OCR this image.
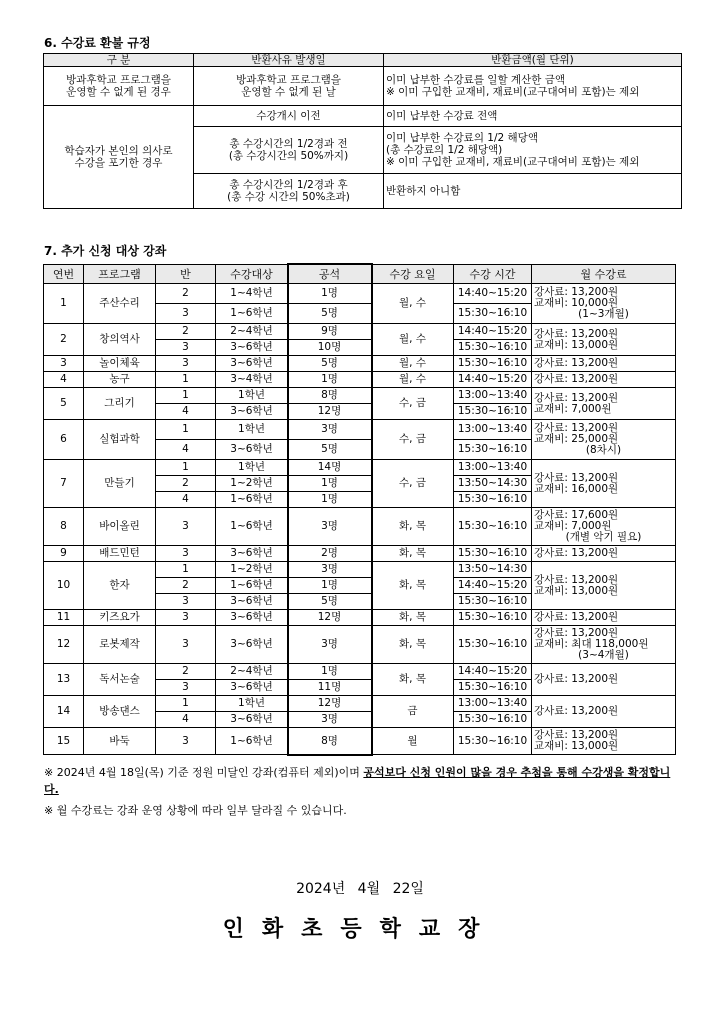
6. 수강료 환불 규정
구 분	반환사유 발생일	반환금액(월 단위)
방과후학교 프로그램을
운영할 수 없게 된 경우	방과후학교 프로그램을
운영할 수 없게 된 날	이미 납부한 수강료를 일할 계산한 금액
※ 이미 구입한 교재비, 재료비(교구대여비 포함)는 제외
학습자가 본인의 의사로
수강을 포기한 경우	수강개시 이전	이미 납부한 수강료 전액
	총 수강시간의 1/2경과 전
(총 수강시간의 50%까지)	이미 납부한 수강료의 1/2 해당액
(총 수강료의 1/2 해당액)
※ 이미 구입한 교재비, 재료비(교구대여비 포함)는 제외
	총 수강시간의 1/2경과 후
(총 수강 시간의 50%초과)	반환하지 아니함
7. 추가 신청 대상 강좌
연번	프로그램	반	수강대상	공석	수강 요일	수강 시간	월 수강료
1	주산수리	2	1~4학년	1명	월, 수	14:40~15:20	강사료: 13,200원
교재비: 10,000원
(1~3개월)

		3	1~6학년	5명		15:30~16:10	
2	창의역사	2	2~4학년	9명	월, 수	14:40~15:20	강사료: 13,200원
교재비: 13,000원

		3	3~6학년	10명		15:30~16:10	
3	놀이체육	3	3~6학년	5명	월, 수	15:30~16:10	강사료: 13,200원

4	농구	1	3~4학년	1명	월, 수	14:40~15:20	강사료: 13,200원

5	그리기	1	1학년	8명	수, 금	13:00~13:40	강사료: 13,200원
교재비: 7,000원

		4	3~6학년	12명		15:30~16:10	
6	실험과학	1	1학년	3명	수, 금	13:00~13:40	강사료: 13,200원
교재비: 25,000원
(8차시)

		4	3~6학년	5명		15:30~16:10	
7	만들기	1	1학년	14명	수, 금	13:00~13:40	강사료: 13,200원
교재비: 16,000원

		2	1~2학년	1명		13:50~14:30	
		4	1~6학년	1명		15:30~16:10	
8	바이올린	3	1~6학년	3명	화, 목	15:30~16:10	강사료: 17,600원
교재비: 7,000원
(개별 악기 필요)

9	배드민턴	3	3~6학년	2명	화, 목	15:30~16:10	강사료: 13,200원

10	한자	1	1~2학년	3명	화, 목	13:50~14:30	강사료: 13,200원
교재비: 13,000원

		2	1~6학년	1명		14:40~15:20	
		3	3~6학년	5명		15:30~16:10	
11	키즈요가	3	3~6학년	12명	화, 목	15:30~16:10	강사료: 13,200원

12	로봇제작	3	3~6학년	3명	화, 목	15:30~16:10	강사료: 13,200원
교재비: 최대 118,000원
(3~4개월)

13	독서논술	2	2~4학년	1명	화, 목	14:40~15:20	강사료: 13,200원

		3	3~6학년	11명		15:30~16:10	
14	방송댄스	1	1학년	12명	금	13:00~13:40	강사료: 13,200원

		4	3~6학년	3명		15:30~16:10	
15	바둑	3	1~6학년	8명	월	15:30~16:10	강사료: 13,200원
교재비: 13,000원
※ 2024년 4월 18일(목) 기준 정원 미달인 강좌(컴퓨터 제외)이며 공석보다 신청 인원이 많을 경우 추첨을 통해 수강생을 확정합니다.
※ 월 수강료는 강좌 운영 상황에 따라 일부 달라질 수 있습니다.
2024년 4월 22일
인화초등학교장
